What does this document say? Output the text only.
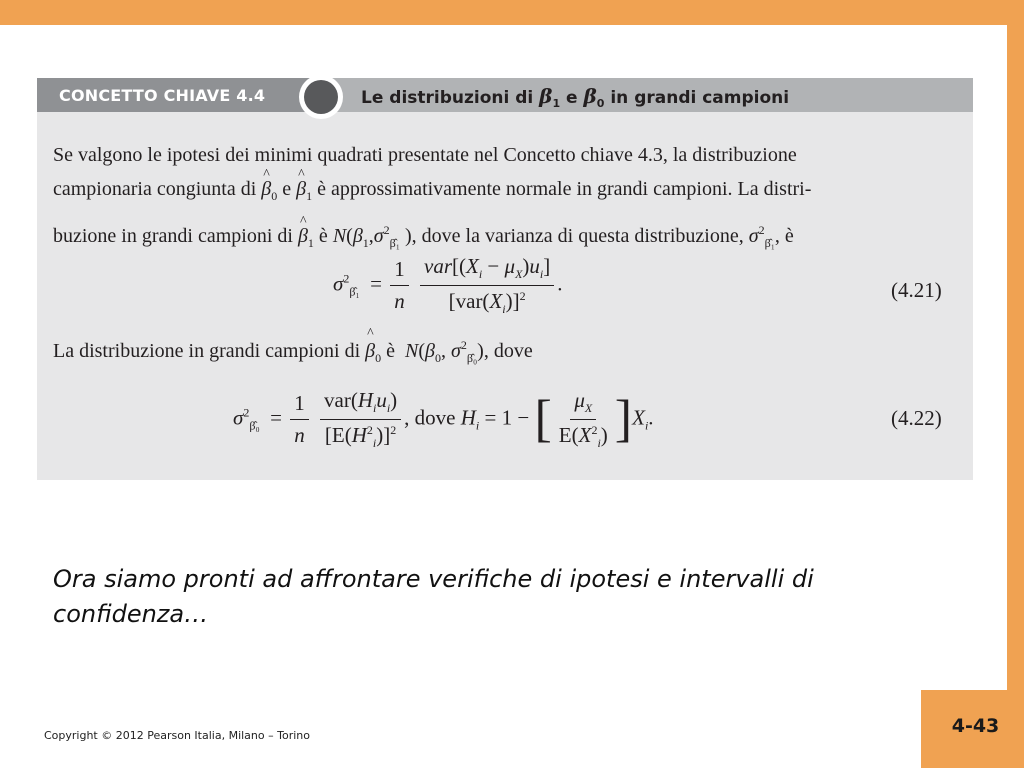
CONCETTO CHIAVE 4.4	Le distribuzioni di $\beta_1$ e $\beta_0$ in grandi campioni
Se valgono le ipotesi dei minimi quadrati presentate nel Concetto chiave 4.3, la distribuzione
campionaria congiunta di ^ $\beta_0$ e ^ $\beta_1$ è approssimativamente normale in grandi campioni. La distri-
buzione in grandi campioni di ^ $\beta_1$ è $N(\beta_1,\sigma^2_{\betâ_1}$ ), dove la varianza di questa distribuzione, $\sigma^2_{\betâ_1}$, è
$\sigma^2_{\betâ_1} = \frac{1}{n}$
$\frac{var[(X_i - \mu_X)u_i]}{[var(X_i)]^2}$ .	(4.21)
La distribuzione in grandi campioni di ^ $\beta_0$ è $N(\beta_0$, $\sigma^2_{\betâ_0}$), dove
$\sigma^2_{\betâ_0} = \frac{1}{n}$
$\frac{var(H_iu_i)}{[E(H^2_i)]^2}$ , dove $H_i = 1$ − [ $\frac{\mu_X}{E(X^2_i)} ]X_i$.	(4.22)
Ora siamo pronti ad affrontare verifiche di ipotesi e intervalli di
confidenza…
Copyright © 2012 Pearson Italia, Milano – Torino	4-43
